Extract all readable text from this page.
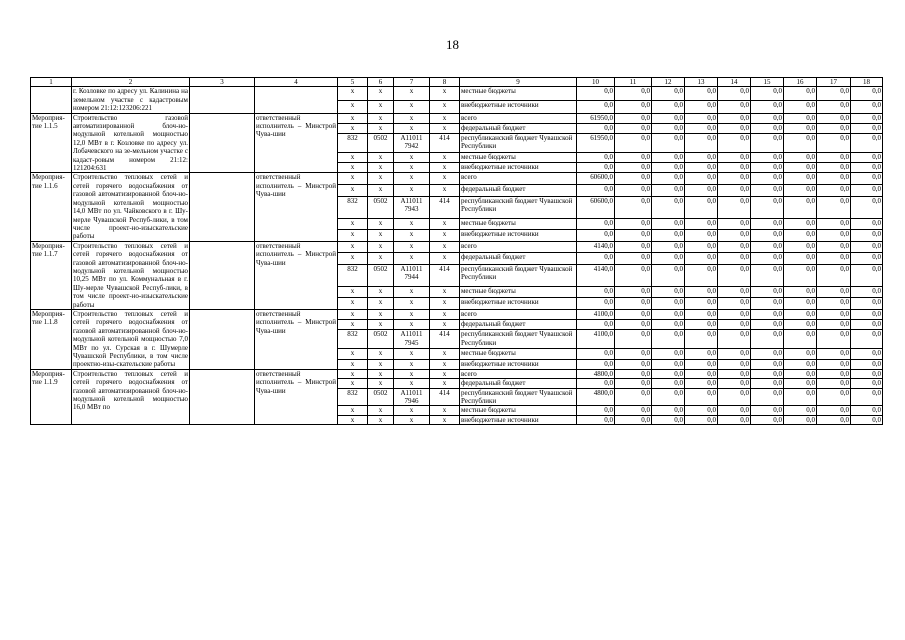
18
1	2	3	4	5	6	7	8	9	10	11	12	13	14	15	16	17	18
	г. Козловке по адресу ул. Калинина на земельном участке с кадастровым номером 21:12:123206:221			x	x	x	x	местные бюджеты	0,0	0,0	0,0	0,0	0,0	0,0	0,0	0,0	0,0
				x	x	x	x	внебюджетные источники	0,0	0,0	0,0	0,0	0,0	0,0	0,0	0,0	0,0
Мероприя-тие 1.1.5	Строительство газовой автоматизированной блоч-но-модульной котельной мощностью 12,0 МВт в г. Козловке по адресу ул. Лобачевского на зе-мельном участке с кадаст-ровым номером 21:12: 121204:631		ответственный исполнитель – Минстрой Чува-шии	x	x	x	x	всего	61950,0	0,0	0,0	0,0	0,0	0,0	0,0	0,0	0,0
				x	x	x	x	федеральный бюджет	0,0	0,0	0,0	0,0	0,0	0,0	0,0	0,0	0,0
				832	0502	А11011 7942	414	республиканский бюджет Чувашской Республики	61950,0	0,0	0,0	0,0	0,0	0,0	0,0	0,0	0,0
				x	x	x	x	местные бюджеты	0,0	0,0	0,0	0,0	0,0	0,0	0,0	0,0	0,0
				x	x	x	x	внебюджетные источники	0,0	0,0	0,0	0,0	0,0	0,0	0,0	0,0	0,0
Мероприя-тие 1.1.6	Строительство тепловых сетей и сетей горячего водоснабжения от газовой автоматизированной блоч-но-модульной котельной мощностью 14,0 МВт по ул. Чайковского в г. Шу-мерле Чувашской Респуб-лики, в том числе проект-но-изыскательские работы		ответственный исполнитель – Минстрой Чува-шии	x	x	x	x	всего	60600,0	0,0	0,0	0,0	0,0	0,0	0,0	0,0	0,0
				x	x	x	x	федеральный бюджет	0,0	0,0	0,0	0,0	0,0	0,0	0,0	0,0	0,0
				832	0502	А11011 7943	414	республиканский бюджет Чувашской Республики	60600,0	0,0	0,0	0,0	0,0	0,0	0,0	0,0	0,0
				x	x	x	x	местные бюджеты	0,0	0,0	0,0	0,0	0,0	0,0	0,0	0,0	0,0
				x	x	x	x	внебюджетные источники	0,0	0,0	0,0	0,0	0,0	0,0	0,0	0,0	0,0
Мероприя-тие 1.1.7	Строительство тепловых сетей и сетей горячего водоснабжения от газовой автоматизированной блоч-но-модульной котельной мощностью 10,25 МВт по ул. Коммунальная в г. Шу-мерле Чувашской Респуб-лики, в том числе проект-но-изыскательские работы		ответственный исполнитель – Минстрой Чува-шии	x	x	x	x	всего	4140,0	0,0	0,0	0,0	0,0	0,0	0,0	0,0	0,0
				x	x	x	x	федеральный бюджет	0,0	0,0	0,0	0,0	0,0	0,0	0,0	0,0	0,0
				832	0502	А11011 7944	414	республиканский бюджет Чувашской Республики	4140,0	0,0	0,0	0,0	0,0	0,0	0,0	0,0	0,0
				x	x	x	x	местные бюджеты	0,0	0,0	0,0	0,0	0,0	0,0	0,0	0,0	0,0
				x	x	x	x	внебюджетные источники	0,0	0,0	0,0	0,0	0,0	0,0	0,0	0,0	0,0
Мероприя-тие 1.1.8	Строительство тепловых сетей и сетей горячего водоснабжения от газовой автоматизированной блоч-но-модульной котельной мощностью 7,0 МВт по ул. Сурская в г. Шумерле Чувашской Республики, в том числе проектно-изы-скательские работы		ответственный исполнитель – Минстрой Чува-шии	x	x	x	x	всего	4100,0	0,0	0,0	0,0	0,0	0,0	0,0	0,0	0,0
				x	x	x	x	федеральный бюджет	0,0	0,0	0,0	0,0	0,0	0,0	0,0	0,0	0,0
				832	0502	А11011 7945	414	республиканский бюджет Чувашской Республики	4100,0	0,0	0,0	0,0	0,0	0,0	0,0	0,0	0,0
				x	x	x	x	местные бюджеты	0,0	0,0	0,0	0,0	0,0	0,0	0,0	0,0	0,0
				x	x	x	x	внебюджетные источники	0,0	0,0	0,0	0,0	0,0	0,0	0,0	0,0	0,0
Мероприя-тие 1.1.9	Строительство тепловых сетей и сетей горячего водоснабжения от газовой автоматизированной блоч-но-модульной котельной мощностью 16,0 МВт по		ответственный исполнитель – Минстрой Чува-шии	x	x	x	x	всего	4800,0	0,0	0,0	0,0	0,0	0,0	0,0	0,0	0,0
				x	x	x	x	федеральный бюджет	0,0	0,0	0,0	0,0	0,0	0,0	0,0	0,0	0,0
				832	0502	А11011 7946	414	республиканский бюджет Чувашской Республики	4800,0	0,0	0,0	0,0	0,0	0,0	0,0	0,0	0,0
				x	x	x	x	местные бюджеты	0,0	0,0	0,0	0,0	0,0	0,0	0,0	0,0	0,0
				x	x	x	x	внебюджетные источники	0,0	0,0	0,0	0,0	0,0	0,0	0,0	0,0	0,0
